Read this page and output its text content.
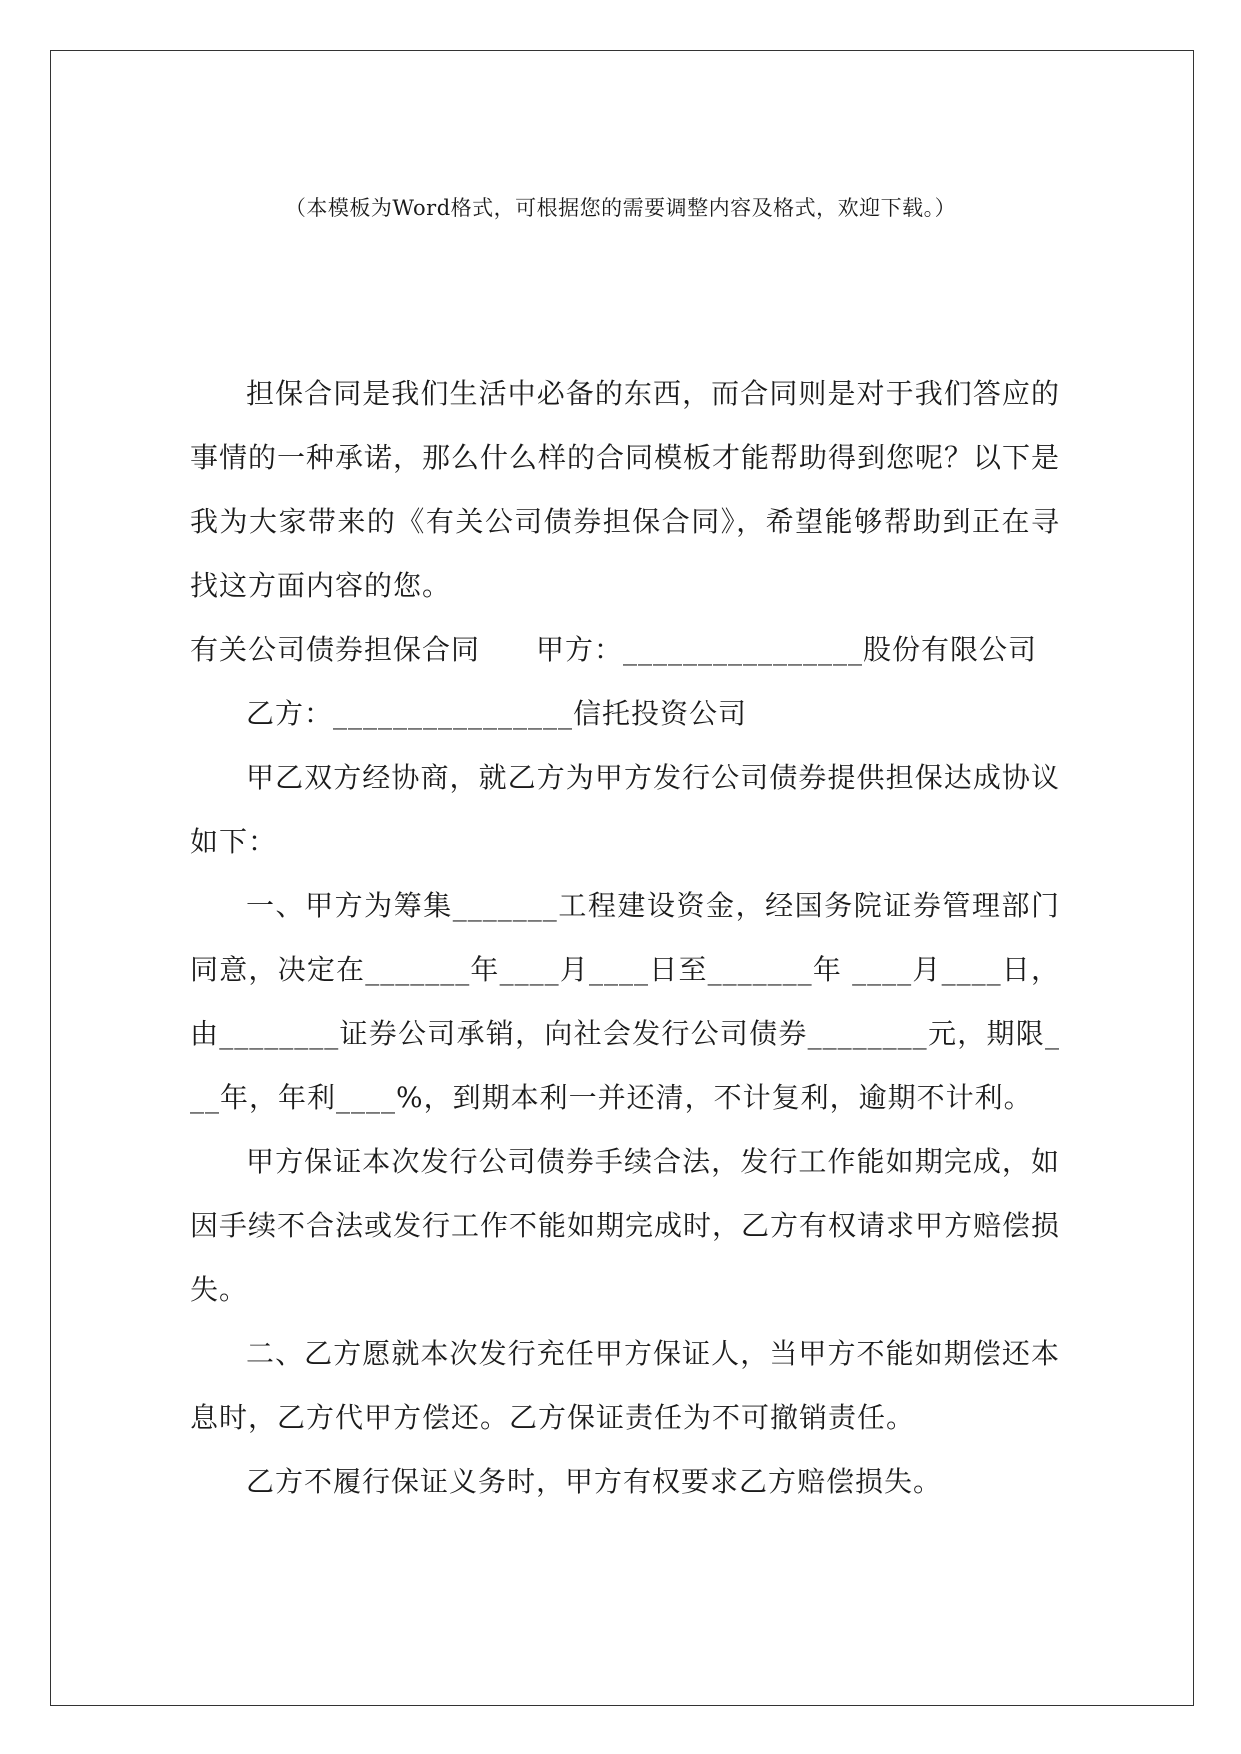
（本模板为Word格式，可根据您的需要调整内容及格式，欢迎下载。）

担保合同是我们生活中必备的东西，而合同则是对于我们答应的事情的一种承诺，那么什么样的合同模板才能帮助得到您呢？以下是我为大家带来的《有关公司债券担保合同》，希望能够帮助到正在寻找这方面内容的您。

有关公司债券担保合同 甲方：________________股份有限公司

乙方：________________信托投资公司

甲乙双方经协商，就乙方为甲方发行公司债券提供担保达成协议如下：

一、甲方为筹集_______工程建设资金，经国务院证券管理部门同意，决定在_______年____月____日至_______年 ____月____日，由________证券公司承销，向社会发行公司债券________元，期限___年，年利____%，到期本利一并还清，不计复利，逾期不计利。

甲方保证本次发行公司债券手续合法，发行工作能如期完成，如因手续不合法或发行工作不能如期完成时，乙方有权请求甲方赔偿损失。

二、乙方愿就本次发行充任甲方保证人，当甲方不能如期偿还本息时，乙方代甲方偿还。乙方保证责任为不可撤销责任。

乙方不履行保证义务时，甲方有权要求乙方赔偿损失。
